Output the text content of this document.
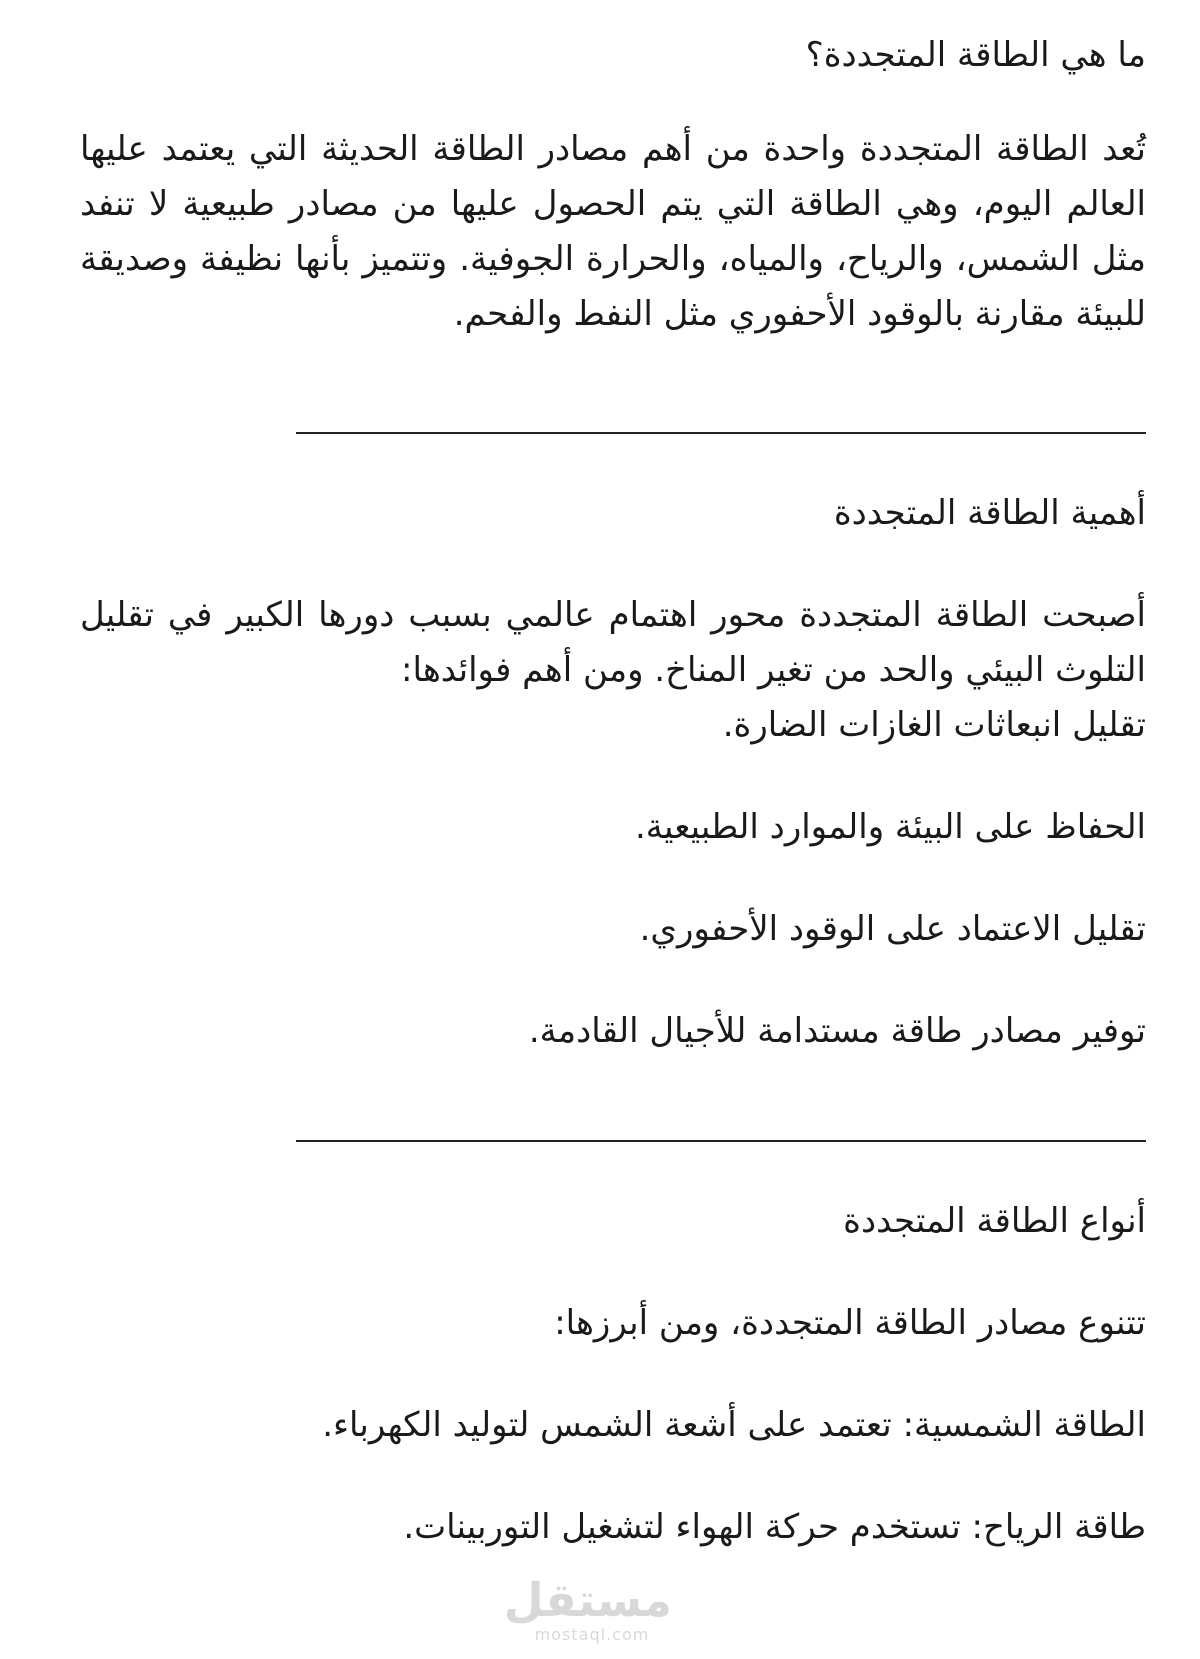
ما هي الطاقة المتجددة؟
تُعد الطاقة المتجددة واحدة من أهم مصادر الطاقة الحديثة التي يعتمد عليها العالم اليوم، وهي الطاقة التي يتم الحصول عليها من مصادر طبيعية لا تنفد مثل الشمس، والرياح، والمياه، والحرارة الجوفية. وتتميز بأنها نظيفة وصديقة للبيئة مقارنة بالوقود الأحفوري مثل النفط والفحم.
أهمية الطاقة المتجددة
أصبحت الطاقة المتجددة محور اهتمام عالمي بسبب دورها الكبير في تقليل التلوث البيئي والحد من تغير المناخ. ومن أهم فوائدها:
تقليل انبعاثات الغازات الضارة.
الحفاظ على البيئة والموارد الطبيعية.
تقليل الاعتماد على الوقود الأحفوري.
توفير مصادر طاقة مستدامة للأجيال القادمة.
أنواع الطاقة المتجددة
تتنوع مصادر الطاقة المتجددة، ومن أبرزها:
الطاقة الشمسية: تعتمد على أشعة الشمس لتوليد الكهرباء.
طاقة الرياح: تستخدم حركة الهواء لتشغيل التوربينات.
مستقل
mostaql.com
